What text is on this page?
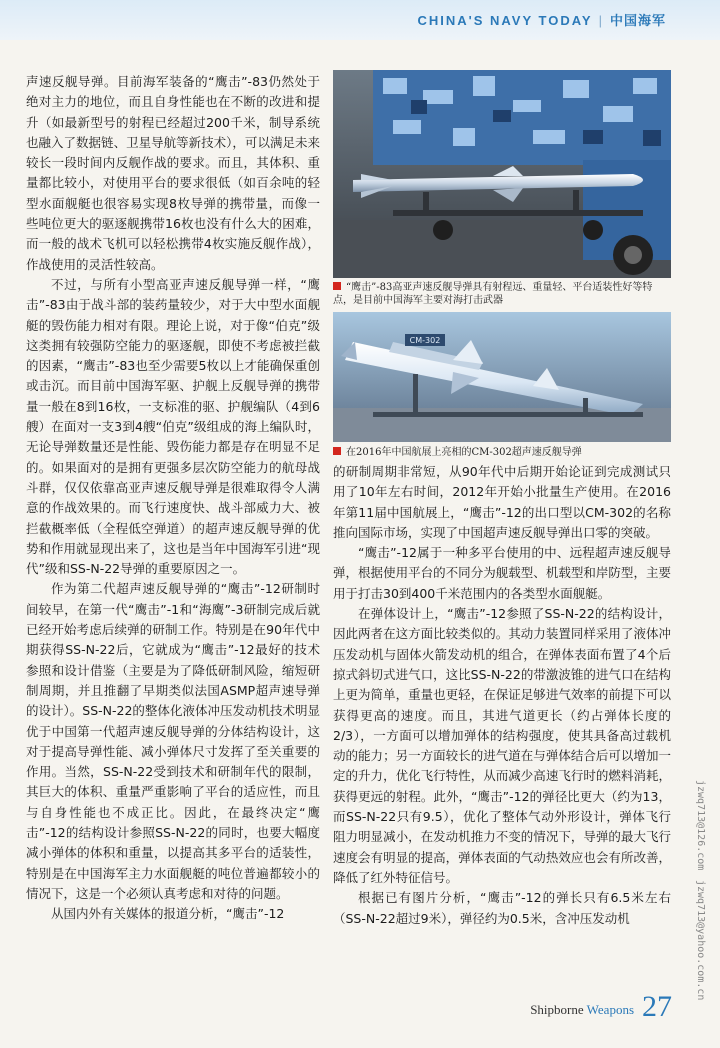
CHINA'S NAVY TODAY | 中国海军

声速反舰导弹。目前海军装备的“鹰击”-83仍然处于绝对主力的地位，而且自身性能也在不断的改进和提升（如最新型号的射程已经超过200千米，制导系统也融入了数据链、卫星导航等新技术），可以满足未来较长一段时间内反舰作战的要求。而且，其体积、重量都比较小，对使用平台的要求很低（如百余吨的轻型水面舰艇也很容易实现8枚导弹的携带量，而像一些吨位更大的驱逐舰携带16枚也没有什么大的困难，而一般的战术飞机可以轻松携带4枚实施反舰作战），作战使用的灵活性较高。

不过，与所有小型高亚声速反舰导弹一样，“鹰击”-83由于战斗部的装药量较少，对于大中型水面舰艇的毁伤能力相对有限。理论上说，对于像“伯克”级这类拥有较强防空能力的驱逐舰，即使不考虑被拦截的因素，“鹰击”-83也至少需要5枚以上才能确保重创或击沉。而目前中国海军驱、护舰上反舰导弹的携带量一般在8到16枚，一支标准的驱、护舰编队（4到6艘）在面对一支3到4艘“伯克”级组成的海上编队时，无论导弹数量还是性能、毁伤能力都是存在明显不足的。如果面对的是拥有更强多层次防空能力的航母战斗群，仅仅依靠高亚声速反舰导弹是很难取得令人满意的作战效果的。而飞行速度快、战斗部威力大、被拦截概率低（全程低空弹道）的超声速反舰导弹的优势和作用就显现出来了，这也是当年中国海军引进“现代”级和SS-N-22导弹的重要原因之一。

作为第二代超声速反舰导弹的“鹰击”-12研制时间较早，在第一代“鹰击”-1和“海鹰”-3研制完成后就已经开始考虑后续弹的研制工作。特别是在90年代中期获得SS-N-22后，它就成为“鹰击”-12最好的技术参照和设计借鉴（主要是为了降低研制风险，缩短研制周期，并且推翻了早期类似法国ASMP超声速导弹的设计）。SS-N-22的整体化液体冲压发动机技术明显优于中国第一代超声速反舰导弹的分体结构设计，这对于提高导弹性能、减小弹体尺寸发挥了至关重要的作用。当然，SS-N-22受到技术和研制年代的限制，其巨大的体积、重量严重影响了平台的适应性，而且与自身性能也不成正比。因此，在最终决定“鹰击”-12的结构设计参照SS-N-22的同时，也要大幅度减小弹体的体积和重量，以提高其多平台的适装性，特别是在中国海军主力水面舰艇的吨位普遍都较小的情况下，这是一个必须认真考虑和对待的问题。

从国内外有关媒体的报道分析，“鹰击”-12

“鹰击”-83高亚声速反舰导弹具有射程远、重量轻、平台适装性好等特点，是目前中国海军主要对海打击武器
CM-302
在2016年中国航展上亮相的CM-302超声速反舰导弹

的研制周期非常短，从90年代中后期开始论证到完成测试只用了10年左右时间，2012年开始小批量生产使用。在2016年第11届中国航展上，“鹰击”-12的出口型以CM-302的名称推向国际市场，实现了中国超声速反舰导弹出口零的突破。

“鹰击”-12属于一种多平台使用的中、远程超声速反舰导弹，根据使用平台的不同分为舰载型、机载型和岸防型，主要用于打击30到400千米范围内的各类型水面舰艇。

在弹体设计上，“鹰击”-12参照了SS-N-22的结构设计，因此两者在这方面比较类似的。其动力装置同样采用了液体冲压发动机与固体火箭发动机的组合，在弹体表面布置了4个后掠式斜切式进气口，这比SS-N-22的带激波锥的进气口在结构上更为简单，重量也更轻，在保证足够进气效率的前提下可以获得更高的速度。而且，其进气道更长（约占弹体长度的2/3），一方面可以增加弹体的结构强度，使其具备高过载机动的能力；另一方面较长的进气道在与弹体结合后可以增加一定的升力，优化飞行特性，从而减少高速飞行时的燃料消耗，获得更远的射程。此外，“鹰击”-12的弹径比更大（约为13，而SS-N-22只有9.5），优化了整体气动外形设计，弹体飞行阻力明显减小，在发动机推力不变的情况下，导弹的最大飞行速度会有明显的提高，弹体表面的气动热效应也会有所改善，降低了红外特征信号。

根据已有图片分析，“鹰击”-12的弹长只有6.5米左右（SS-N-22超过9米），弹径约为0.5米，含冲压发动机

jzwq713@126.com
jzwq713@yahoo.com.cn
Shipborne Weapons 27
